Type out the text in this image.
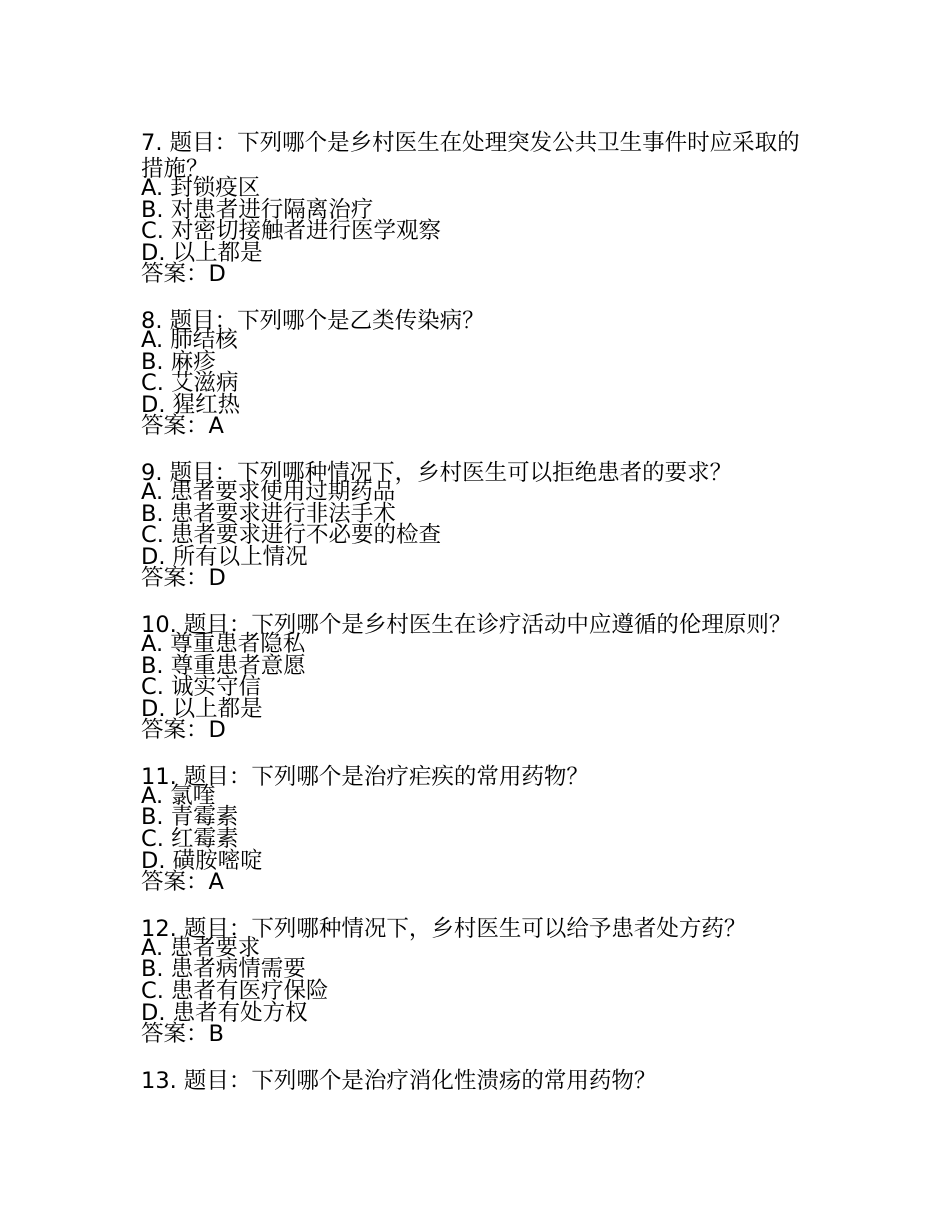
7. 题目：下列哪个是乡村医生在处理突发公共卫生事件时应采取的措施？
A. 封锁疫区
B. 对患者进行隔离治疗
C. 对密切接触者进行医学观察
D. 以上都是
答案：D
8. 题目：下列哪个是乙类传染病？
A. 肺结核
B. 麻疹
C. 艾滋病
D. 猩红热
答案：A
9. 题目：下列哪种情况下，乡村医生可以拒绝患者的要求？
A. 患者要求使用过期药品
B. 患者要求进行非法手术
C. 患者要求进行不必要的检查
D. 所有以上情况
答案：D
10. 题目：下列哪个是乡村医生在诊疗活动中应遵循的伦理原则？
A. 尊重患者隐私
B. 尊重患者意愿
C. 诚实守信
D. 以上都是
答案：D
11. 题目：下列哪个是治疗疟疾的常用药物？
A. 氯喹
B. 青霉素
C. 红霉素
D. 磺胺嘧啶
答案：A
12. 题目：下列哪种情况下，乡村医生可以给予患者处方药？
A. 患者要求
B. 患者病情需要
C. 患者有医疗保险
D. 患者有处方权
答案：B
13. 题目：下列哪个是治疗消化性溃疡的常用药物？
